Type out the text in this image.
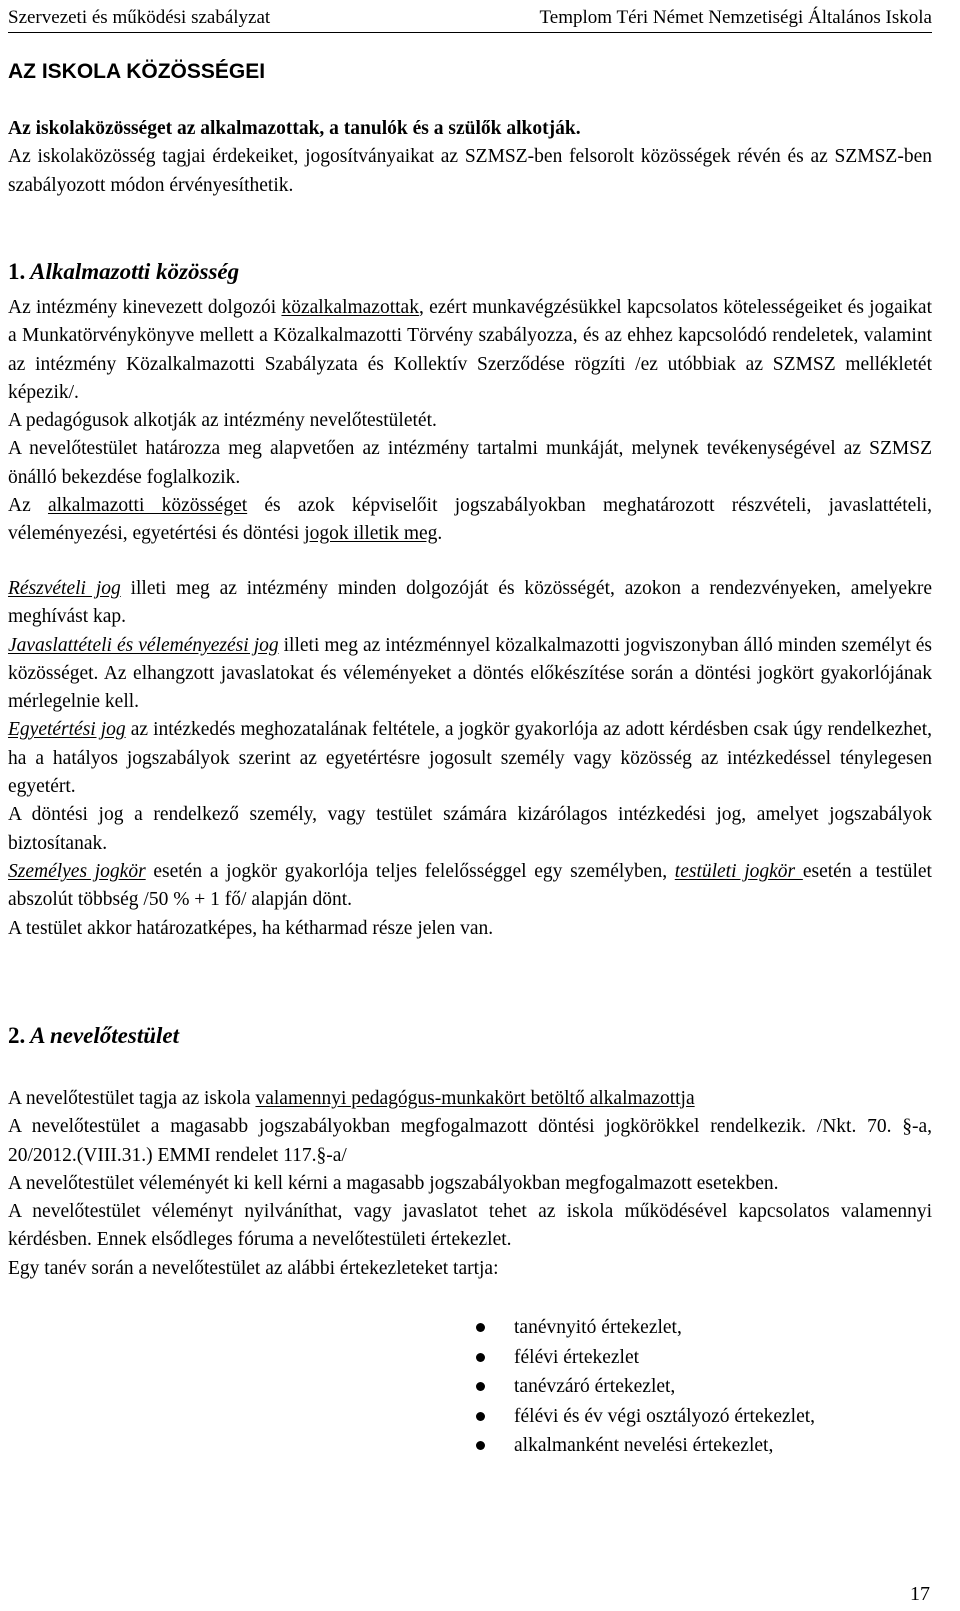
Szervezeti és működési szabályzat	Templom Téri Német Nemzetiségi Általános Iskola
AZ ISKOLA KÖZÖSSÉGEI

Az iskolaközösséget az alkalmazottak, a tanulók és a szülők alkotják.

Az iskolaközösség tagjai érdekeiket, jogosítványaikat az SZMSZ-ben felsorolt közösségek révén és az SZMSZ-ben szabályozott módon érvényesíthetik.

1. Alkalmazotti közösség

Az intézmény kinevezett dolgozói közalkalmazottak, ezért munkavégzésükkel kapcsolatos kötelességeiket és jogaikat a Munkatörvénykönyve mellett a Közalkalmazotti Törvény szabályozza, és az ehhez kapcsolódó rendeletek, valamint az intézmény Közalkalmazotti Szabályzata és Kollektív Szerződése rögzíti /ez utóbbiak az SZMSZ mellékletét képezik/.

A pedagógusok alkotják az intézmény nevelőtestületét.

A nevelőtestület határozza meg alapvetően az intézmény tartalmi munkáját, melynek tevékenységével az SZMSZ önálló bekezdése foglalkozik.

Az alkalmazotti közösséget és azok képviselőit jogszabályokban meghatározott részvételi, javaslattételi, véleményezési, egyetértési és döntési jogok illetik meg.

Részvételi jog illeti meg az intézmény minden dolgozóját és közösségét, azokon a rendezvényeken, amelyekre meghívást kap.

Javaslattételi és véleményezési jog illeti meg az intézménnyel közalkalmazotti jogviszonyban álló minden személyt és közösséget. Az elhangzott javaslatokat és véleményeket a döntés előkészítése során a döntési jogkört gyakorlójának mérlegelnie kell.

Egyetértési jog az intézkedés meghozatalának feltétele, a jogkör gyakorlója az adott kérdésben csak úgy rendelkezhet, ha a hatályos jogszabályok szerint az egyetértésre jogosult személy vagy közösség az intézkedéssel ténylegesen egyetért.

A döntési jog a rendelkező személy, vagy testület számára kizárólagos intézkedési jog, amelyet jogszabályok biztosítanak.

Személyes jogkör esetén a jogkör gyakorlója teljes felelősséggel egy személyben, testületi jogkör esetén a testület abszolút többség /50 % + 1 fő/ alapján dönt.

A testület akkor határozatképes, ha kétharmad része jelen van.

2. A nevelőtestület

A nevelőtestület tagja az iskola valamennyi pedagógus-munkakört betöltő alkalmazottja

A nevelőtestület a magasabb jogszabályokban megfogalmazott döntési jogkörökkel rendelkezik. /Nkt. 70. §-a, 20/2012.(VIII.31.) EMMI rendelet 117.§-a/

A nevelőtestület véleményét ki kell kérni a magasabb jogszabályokban megfogalmazott esetekben.

A nevelőtestület véleményt nyilváníthat, vagy javaslatot tehet az iskola működésével kapcsolatos valamennyi kérdésben. Ennek elsődleges fóruma a nevelőtestületi értekezlet.

Egy tanév során a nevelőtestület az alábbi értekezleteket tartja:

tanévnyitó értekezlet,
félévi értekezlet
tanévzáró értekezlet,
félévi és év végi osztályozó értekezlet,
alkalmanként nevelési értekezlet,
17
